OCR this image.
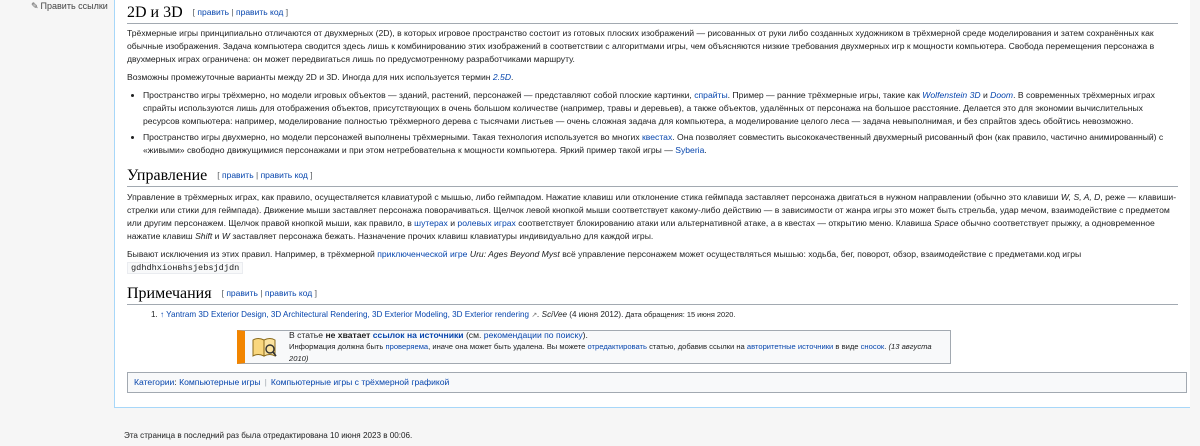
✎ Править ссылки 2D и 3D [ править | править код ]

Трёхмерные игры принципиально отличаются от двухмерных (2D), в которых игровое пространство состоит из готовых плоских изображений — рисованных от руки либо созданных художником в трёхмерной среде моделирования и затем сохранённых как обычные изображения. Задача компьютера сводится здесь лишь к комбинированию этих изображений в соответствии с алгоритмами игры, чем объясняются низкие требования двухмерных игр к мощности компьютера. Свобода перемещения персонажа в двухмерных играх ограничена: он может передвигаться лишь по предусмотренному разработчиками маршруту.

Возможны промежуточные варианты между 2D и 3D. Иногда для них используется термин 2.5D.

• Пространство игры трёхмерно, но модели игровых объектов — зданий, растений, персонажей — представляют собой плоские картинки, спрайты. Пример — ранние трёхмерные игры, такие как Wolfenstein 3D и Doom. В современных трёхмерных играх спрайты используются лишь для отображения объектов, присутствующих в очень большом количестве (например, травы и деревьев), а также объектов, удалённых от персонажа на большое расстояние. Делается это для экономии вычислительных ресурсов компьютера: например, моделирование полностью трёхмерного дерева с тысячами листьев — очень сложная задача для компьютера, а моделирование целого леса — задача невыполнимая, и без спрайтов здесь обойтись невозможно.
• Пространство игры двухмерно, но модели персонажей выполнены трёхмерными. Такая технология используется во многих квестах. Она позволяет совместить высококачественный двухмерный рисованный фон (как правило, частично анимированный) с «живыми» свободно движущимися персонажами и при этом нетребовательна к мощности компьютера. Яркий пример такой игры — Syberia.
Управление [ править | править код ]

Управление в трёхмерных играх, как правило, осуществляется клавиатурой с мышью, либо геймпадом. Нажатие клавиш или отклонение стика геймпада заставляет персонажа двигаться в нужном направлении (обычно это клавиши W, S, A, D, реже — клавиши-стрелки или стики для геймпада). Движение мыши заставляет персонажа поворачиваться. Щелчок левой кнопкой мыши соответствует какому-либо действию — в зависимости от жанра игры это может быть стрельба, удар мечом, взаимодействие с предметом или другим персонажем. Щелчок правой кнопкой мыши, как правило, в шутерах и ролевых играх соответствует блокированию атаки или альтернативной атаке, а в квестах — открытию меню. Клавиша Space обычно соответствует прыжку, а одновременное нажатие клавиш Shift и W заставляет персонажа бежать. Назначение прочих клавиш клавиатуры индивидуально для каждой игры.

Бывают исключения из этих правил. Например, в трёхмерной приключенческой игре Uru: Ages Beyond Myst всё управление персонажем может осуществляться мышью: ходьба, бег, поворот, обзор, взаимодействие с предметами.код игры
gdhdhxioнвhsjebsjdjdn

Примечания [ править | править код ]
1. ↑ Yantram 3D Exterior Design, 3D Architectural Rendering, 3D Exterior Modeling, 3D Exterior rendering ↗. SciVee (4 июня 2012). Дата обращения: 15 июня 2020.
В статье не хватает ссылок на источники (см. рекомендации по поиску).
Информация должна быть проверяема, иначе она может быть удалена. Вы можете отредактировать статью, добавив ссылки на авторитетные источники в виде сносок. (13 августа 2010)
Категории: Компьютерные игры | Компьютерные игры с трёхмерной графикой
Эта страница в последний раз была отредактирована 10 июня 2023 в 00:06.
